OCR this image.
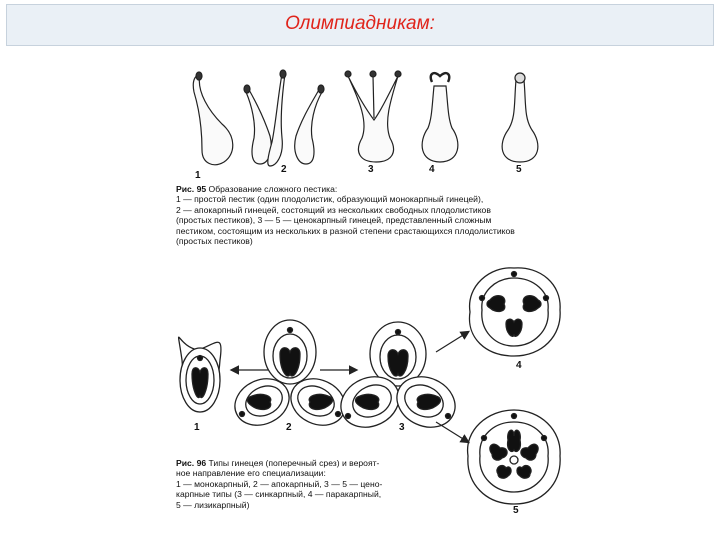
Олимпиадникам:
1
2	3	4	5
Рис. 95 Образование сложного пестика:
1 — простой пестик (один плодолистик, образующий монокарпный гинецей),
2 — апокарпный гинецей, состоящий из нескольких свободных плодолистиков
(простых пестиков), 3 — 5 — ценокарпный гинецей, представленный сложным
пестиком, состоящим из нескольких в разной степени срастающихся плодолистиков
(простых пестиков)
1	2	3
4
5
Рис. 96 Типы гинецея (поперечный срез) и вероят-
ное направление его специализации:
1 — монокарпный, 2 — апокарпный, 3 — 5 — цено-
карпные типы (3 — синкарпный, 4 — паракарпный,
5 — лизикарпный)
